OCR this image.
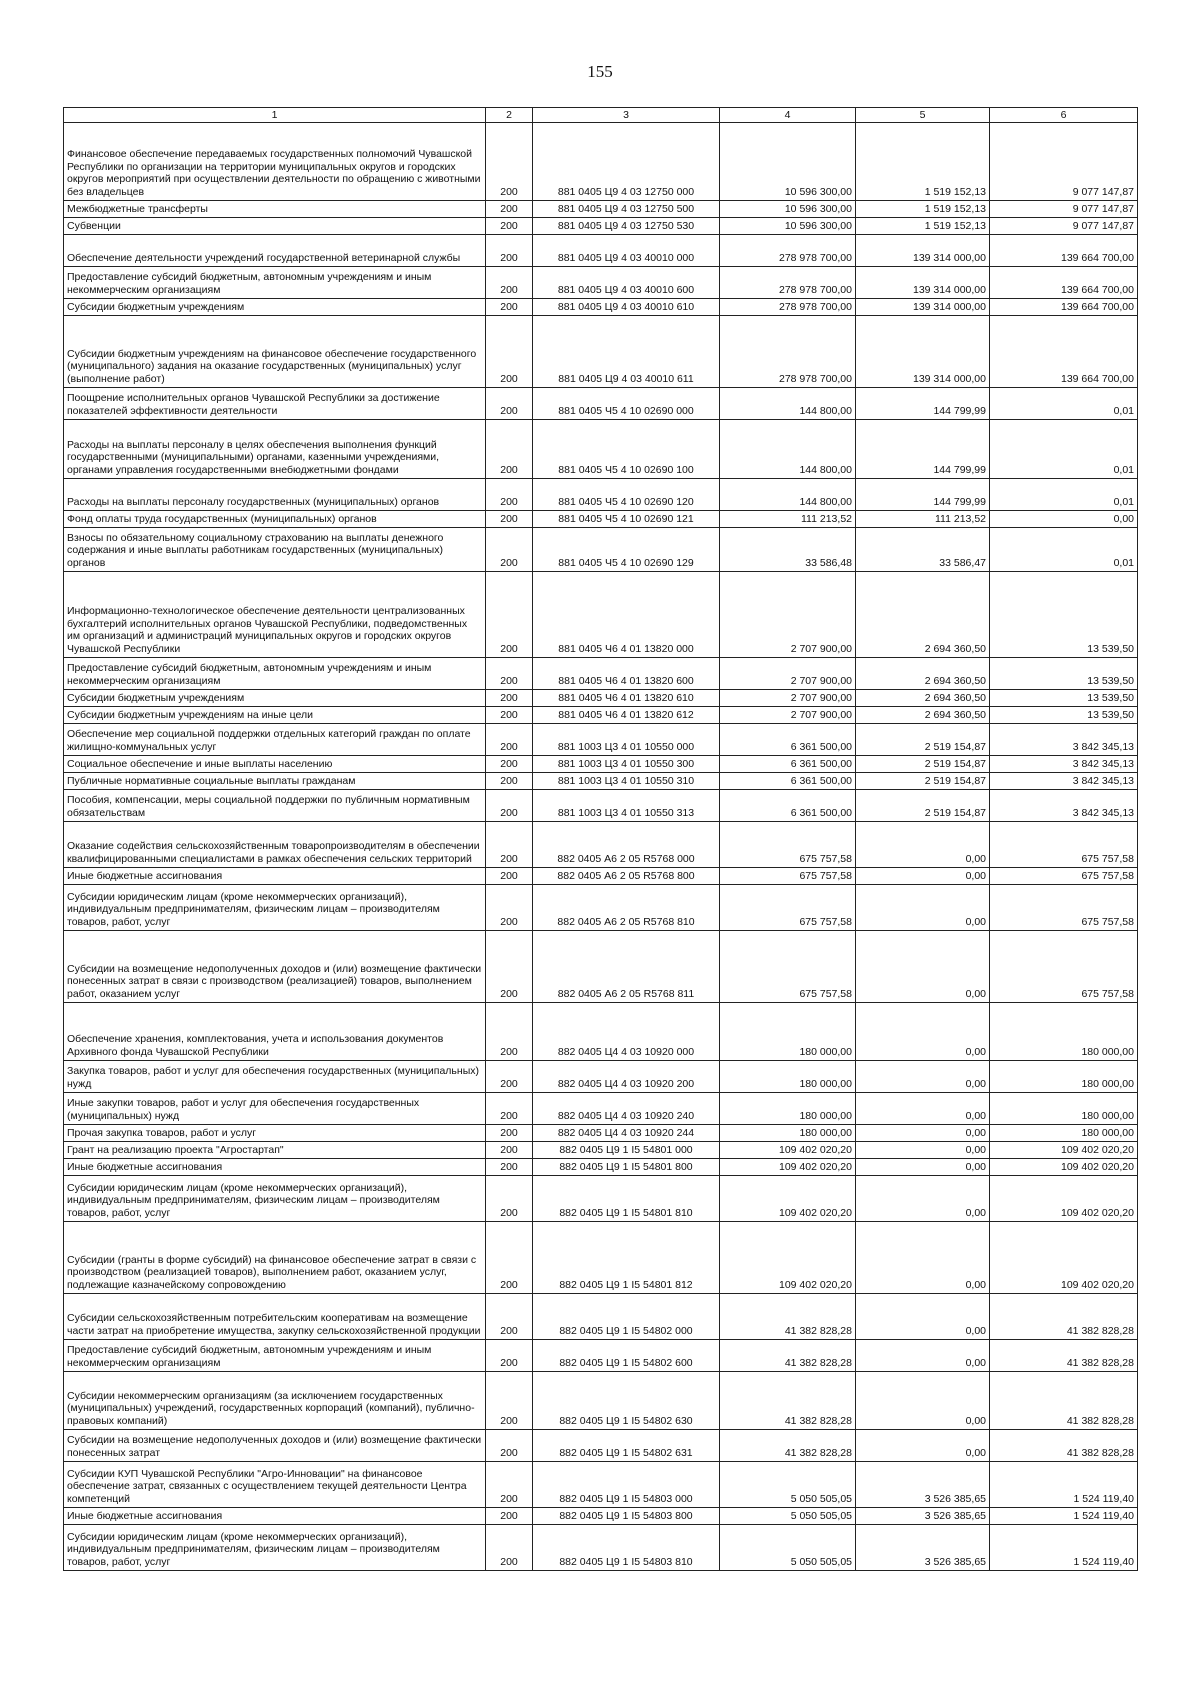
155
1	2	3	4	5	6
Финансовое обеспечение передаваемых государственных полномочий Чувашской Республики по организации на территории муниципальных округов и городских округов мероприятий при осуществлении деятельности по обращению с животными без владельцев	200	881 0405 Ц9 4 03 12750 000	10 596 300,00	1 519 152,13	9 077 147,87
Межбюджетные трансферты	200	881 0405 Ц9 4 03 12750 500	10 596 300,00	1 519 152,13	9 077 147,87
Субвенции	200	881 0405 Ц9 4 03 12750 530	10 596 300,00	1 519 152,13	9 077 147,87
Обеспечение деятельности учреждений государственной ветеринарной службы	200	881 0405 Ц9 4 03 40010 000	278 978 700,00	139 314 000,00	139 664 700,00
Предоставление субсидий бюджетным, автономным учреждениям и иным некоммерческим организациям	200	881 0405 Ц9 4 03 40010 600	278 978 700,00	139 314 000,00	139 664 700,00
Субсидии бюджетным учреждениям	200	881 0405 Ц9 4 03 40010 610	278 978 700,00	139 314 000,00	139 664 700,00
Субсидии бюджетным учреждениям на финансовое обеспечение государственного (муниципального) задания на оказание государственных (муниципальных) услуг (выполнение работ)	200	881 0405 Ц9 4 03 40010 611	278 978 700,00	139 314 000,00	139 664 700,00
Поощрение исполнительных органов Чувашской Республики за достижение показателей эффективности деятельности	200	881 0405 Ч5 4 10 02690 000	144 800,00	144 799,99	0,01
Расходы на выплаты персоналу в целях обеспечения выполнения функций государственными (муниципальными) органами, казенными учреждениями, органами управления государственными внебюджетными фондами	200	881 0405 Ч5 4 10 02690 100	144 800,00	144 799,99	0,01
Расходы на выплаты персоналу государственных (муниципальных) органов	200	881 0405 Ч5 4 10 02690 120	144 800,00	144 799,99	0,01
Фонд оплаты труда государственных (муниципальных) органов	200	881 0405 Ч5 4 10 02690 121	111 213,52	111 213,52	0,00
Взносы по обязательному социальному страхованию на выплаты денежного содержания и иные выплаты работникам государственных (муниципальных) органов	200	881 0405 Ч5 4 10 02690 129	33 586,48	33 586,47	0,01
Информационно-технологическое обеспечение деятельности централизованных бухгалтерий исполнительных органов Чувашской Республики, подведомственных им организаций и администраций муниципальных округов и городских округов Чувашской Республики	200	881 0405 Ч6 4 01 13820 000	2 707 900,00	2 694 360,50	13 539,50
Предоставление субсидий бюджетным, автономным учреждениям и иным некоммерческим организациям	200	881 0405 Ч6 4 01 13820 600	2 707 900,00	2 694 360,50	13 539,50
Субсидии бюджетным учреждениям	200	881 0405 Ч6 4 01 13820 610	2 707 900,00	2 694 360,50	13 539,50
Субсидии бюджетным учреждениям на иные цели	200	881 0405 Ч6 4 01 13820 612	2 707 900,00	2 694 360,50	13 539,50
Обеспечение мер социальной поддержки отдельных категорий граждан по оплате жилищно-коммунальных услуг	200	881 1003 Ц3 4 01 10550 000	6 361 500,00	2 519 154,87	3 842 345,13
Социальное обеспечение и иные выплаты населению	200	881 1003 Ц3 4 01 10550 300	6 361 500,00	2 519 154,87	3 842 345,13
Публичные нормативные социальные выплаты гражданам	200	881 1003 Ц3 4 01 10550 310	6 361 500,00	2 519 154,87	3 842 345,13
Пособия, компенсации, меры социальной поддержки по публичным нормативным обязательствам	200	881 1003 Ц3 4 01 10550 313	6 361 500,00	2 519 154,87	3 842 345,13
Оказание содействия сельскохозяйственным товаропроизводителям в обеспечении квалифицированными специалистами в рамках обеспечения сельских территорий	200	882 0405 А6 2 05 R5768 000	675 757,58	0,00	675 757,58
Иные бюджетные ассигнования	200	882 0405 А6 2 05 R5768 800	675 757,58	0,00	675 757,58
Субсидии юридическим лицам (кроме некоммерческих организаций), индивидуальным предпринимателям, физическим лицам – производителям товаров, работ, услуг	200	882 0405 А6 2 05 R5768 810	675 757,58	0,00	675 757,58
Субсидии на возмещение недополученных доходов и (или) возмещение фактически понесенных затрат в связи с производством (реализацией) товаров, выполнением работ, оказанием услуг	200	882 0405 А6 2 05 R5768 811	675 757,58	0,00	675 757,58
Обеспечение хранения, комплектования, учета и использования документов Архивного фонда Чувашской Республики	200	882 0405 Ц4 4 03 10920 000	180 000,00	0,00	180 000,00
Закупка товаров, работ и услуг для обеспечения государственных (муниципальных) нужд	200	882 0405 Ц4 4 03 10920 200	180 000,00	0,00	180 000,00
Иные закупки товаров, работ и услуг для обеспечения государственных (муниципальных) нужд	200	882 0405 Ц4 4 03 10920 240	180 000,00	0,00	180 000,00
Прочая закупка товаров, работ и услуг	200	882 0405 Ц4 4 03 10920 244	180 000,00	0,00	180 000,00
Грант на реализацию проекта "Агростартап"	200	882 0405 Ц9 1 I5 54801 000	109 402 020,20	0,00	109 402 020,20
Иные бюджетные ассигнования	200	882 0405 Ц9 1 I5 54801 800	109 402 020,20	0,00	109 402 020,20
Субсидии юридическим лицам (кроме некоммерческих организаций), индивидуальным предпринимателям, физическим лицам – производителям товаров, работ, услуг	200	882 0405 Ц9 1 I5 54801 810	109 402 020,20	0,00	109 402 020,20
Субсидии (гранты в форме субсидий) на финансовое обеспечение затрат в связи с производством (реализацией товаров), выполнением работ, оказанием услуг, подлежащие казначейскому сопровождению	200	882 0405 Ц9 1 I5 54801 812	109 402 020,20	0,00	109 402 020,20
Субсидии сельскохозяйственным потребительским кооперативам на возмещение части затрат на приобретение имущества, закупку сельскохозяйственной продукции	200	882 0405 Ц9 1 I5 54802 000	41 382 828,28	0,00	41 382 828,28
Предоставление субсидий бюджетным, автономным учреждениям и иным некоммерческим организациям	200	882 0405 Ц9 1 I5 54802 600	41 382 828,28	0,00	41 382 828,28
Субсидии некоммерческим организациям (за исключением государственных (муниципальных) учреждений, государственных корпораций (компаний), публично-правовых компаний)	200	882 0405 Ц9 1 I5 54802 630	41 382 828,28	0,00	41 382 828,28
Субсидии на возмещение недополученных доходов и (или) возмещение фактически понесенных затрат	200	882 0405 Ц9 1 I5 54802 631	41 382 828,28	0,00	41 382 828,28
Субсидии КУП Чувашской Республики "Агро-Инновации" на финансовое обеспечение затрат, связанных с осуществлением текущей деятельности Центра компетенций	200	882 0405 Ц9 1 I5 54803 000	5 050 505,05	3 526 385,65	1 524 119,40
Иные бюджетные ассигнования	200	882 0405 Ц9 1 I5 54803 800	5 050 505,05	3 526 385,65	1 524 119,40
Субсидии юридическим лицам (кроме некоммерческих организаций), индивидуальным предпринимателям, физическим лицам – производителям товаров, работ, услуг	200	882 0405 Ц9 1 I5 54803 810	5 050 505,05	3 526 385,65	1 524 119,40
